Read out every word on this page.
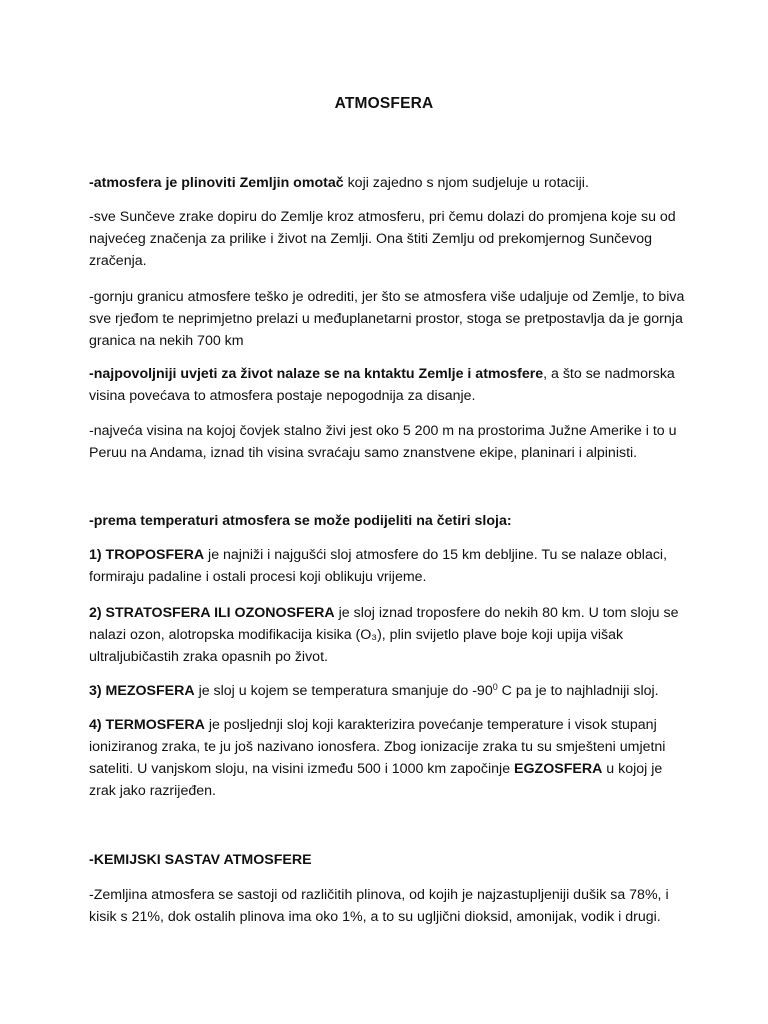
ATMOSFERA

-atmosfera je plinoviti Zemljin omotač koji zajedno s njom sudjeluje u rotaciji.

-sve Sunčeve zrake dopiru do Zemlje kroz atmosferu, pri čemu dolazi do promjena koje su od najvećeg značenja za prilike i život na Zemlji. Ona štiti Zemlju od prekomjernog Sunčevog zračenja.

-gornju granicu atmosfere teško je odrediti, jer što se atmosfera više udaljuje od Zemlje, to biva sve rjeđom te neprimjetno prelazi u međuplanetarni prostor, stoga se pretpostavlja da je gornja granica na nekih 700 km

-najpovoljniji uvjeti za život nalaze se na kntaktu Zemlje i atmosfere, a što se nadmorska visina povećava to atmosfera postaje nepogodnija za disanje.

-najveća visina na kojoj čovjek stalno živi jest oko 5 200 m na prostorima Južne Amerike i to u Peruu na Andama, iznad tih visina svraćaju samo znanstvene ekipe, planinari i alpinisti.

-prema temperaturi atmosfera se može podijeliti na četiri sloja:

1) TROPOSFERA je najniži i najgušći sloj atmosfere do 15 km debljine. Tu se nalaze oblaci, formiraju padaline i ostali procesi koji oblikuju vrijeme.

2) STRATOSFERA ILI OZONOSFERA je sloj iznad troposfere do nekih 80 km. U tom sloju se nalazi ozon, alotropska modifikacija kisika (O₃), plin svijetlo plave boje koji upija višak ultraljubičastih zraka opasnih po život.

3) MEZOSFERA je sloj u kojem se temperatura smanjuje do $-90^0$ C pa je to najhladniji sloj.

4) TERMOSFERA je posljednji sloj koji karakterizira povećanje temperature i visok stupanj ioniziranog zraka, te ju još nazivano ionosfera. Zbog ionizacije zraka tu su smješteni umjetni sateliti. U vanjskom sloju, na visini između 500 i 1000 km započinje EGZOSFERA u kojoj je zrak jako razrijeđen.

-KEMIJSKI SASTAV ATMOSFERE

-Zemljina atmosfera se sastoji od različitih plinova, od kojih je najzastupljeniji dušik sa 78%, i kisik s 21%, dok ostalih plinova ima oko 1%, a to su ugljični dioksid, amonijak, vodik i drugi.
